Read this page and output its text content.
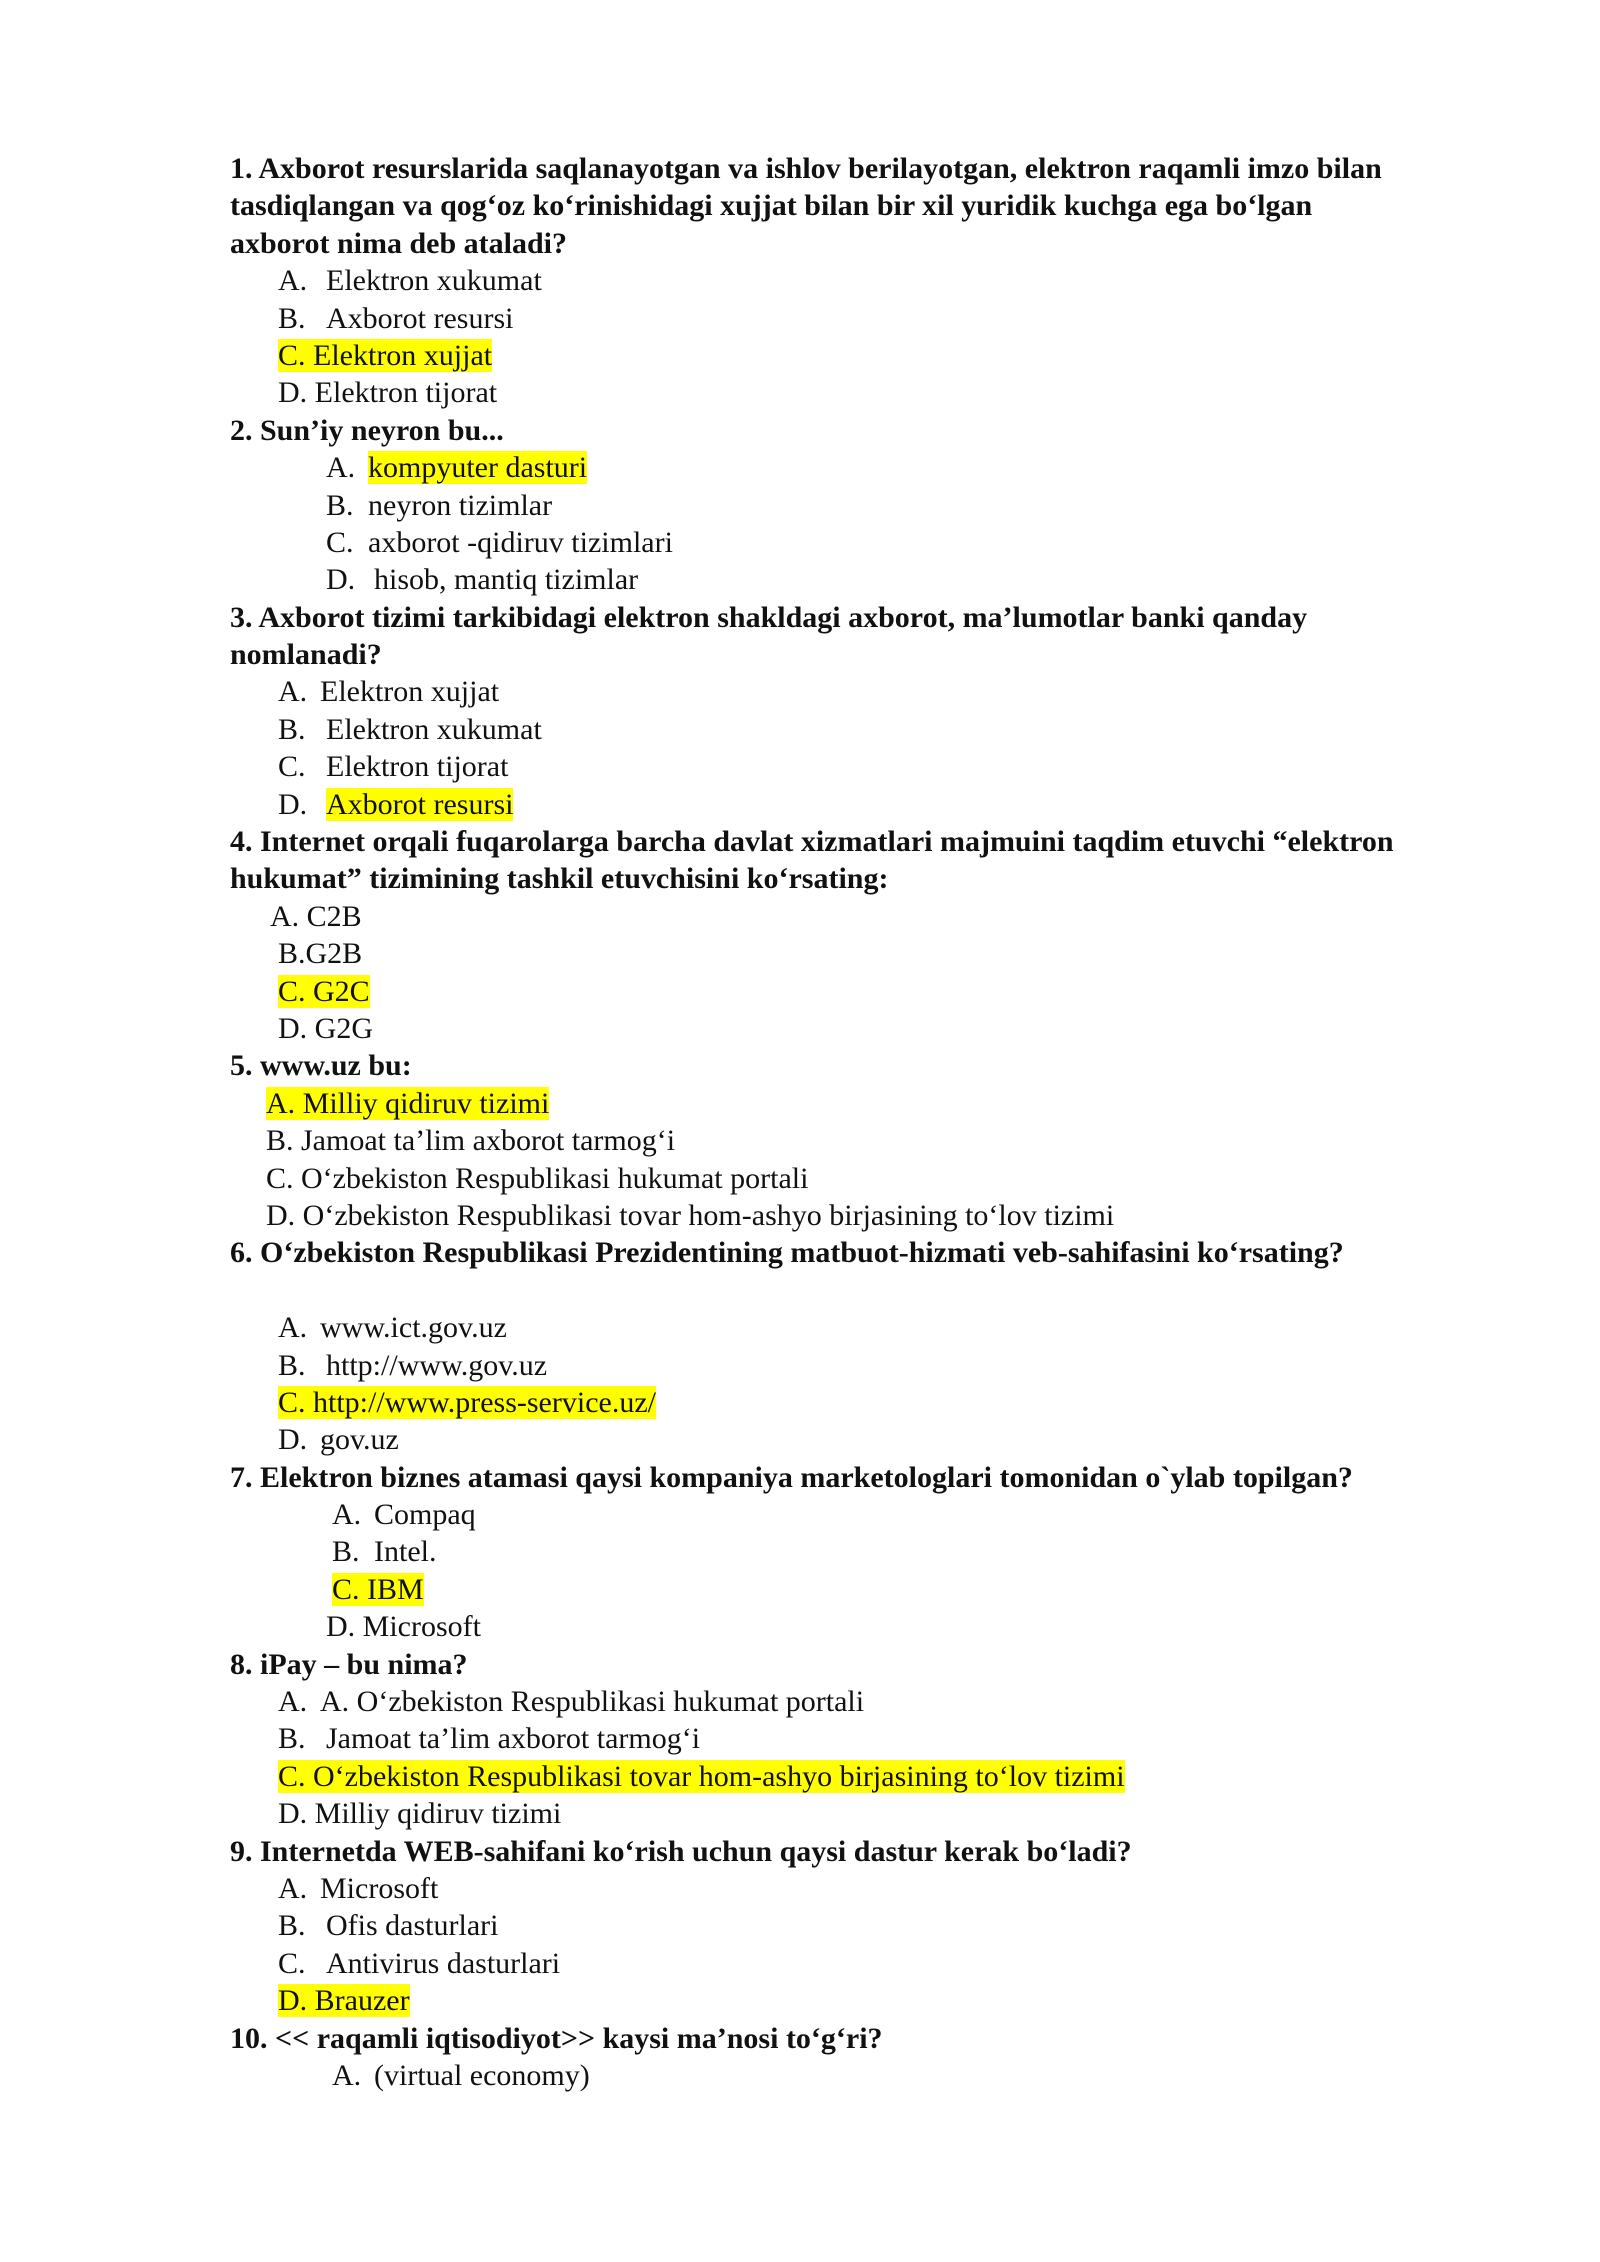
1. Axborot resurslarida saqlanayotgan va ishlov berilayotgan, elektron raqamli imzo bilan
tasdiqlangan va qog‘oz ko‘rinishidagi xujjat bilan bir xil yuridik kuchga ega bo‘lgan
axborot nima deb ataladi?
A. Elektron xukumat
B. Axborot resursi
C. Elektron xujjat
D. Elektron tijorat
2. Sun’iy neyron bu...
A. kompyuter dasturi
B. neyron tizimlar
C. axborot -qidiruv tizimlari
D. hisob, mantiq tizimlar
3. Axborot tizimi tarkibidagi elektron shakldagi axborot, ma’lumotlar banki qanday
nomlanadi?
A. Elektron xujjat
B. Elektron xukumat
C. Elektron tijorat
D. Axborot resursi
4. Internet orqali fuqarolarga barcha davlat xizmatlari majmuini taqdim etuvchi “elektron
hukumat” tizimining tashkil etuvchisini ko‘rsating:
A. C2B
B.G2B
C. G2C
D. G2G
5. www.uz bu:
A. Milliy qidiruv tizimi
B. Jamoat ta’lim axborot tarmog‘i
C. O‘zbekiston Respublikasi hukumat portali
D. O‘zbekiston Respublikasi tovar hom-ashyo birjasining to‘lov tizimi
6. O‘zbekiston Respublikasi Prezidentining matbuot-hizmati veb-sahifasini ko‘rsating?
A. www.ict.gov.uz
B. http://www.gov.uz
C. http://www.press-service.uz/
D. gov.uz
7. Elektron biznes atamasi qaysi kompaniya marketologlari tomonidan o`ylab topilgan?
A. Compaq
B. Intel.
C. IBM
D. Microsoft
8. iPay – bu nima?
A. A. O‘zbekiston Respublikasi hukumat portali
B. Jamoat ta’lim axborot tarmog‘i
C. O‘zbekiston Respublikasi tovar hom-ashyo birjasining to‘lov tizimi
D. Milliy qidiruv tizimi
9. Internetda WEB-sahifani ko‘rish uchun qaysi dastur kerak bo‘ladi?
A. Microsoft
B. Ofis dasturlari
C. Antivirus dasturlari
D. Brauzer
10. << raqamli iqtisodiyot>> kaysi ma’nosi to‘g‘ri?
A. (virtual economy)
